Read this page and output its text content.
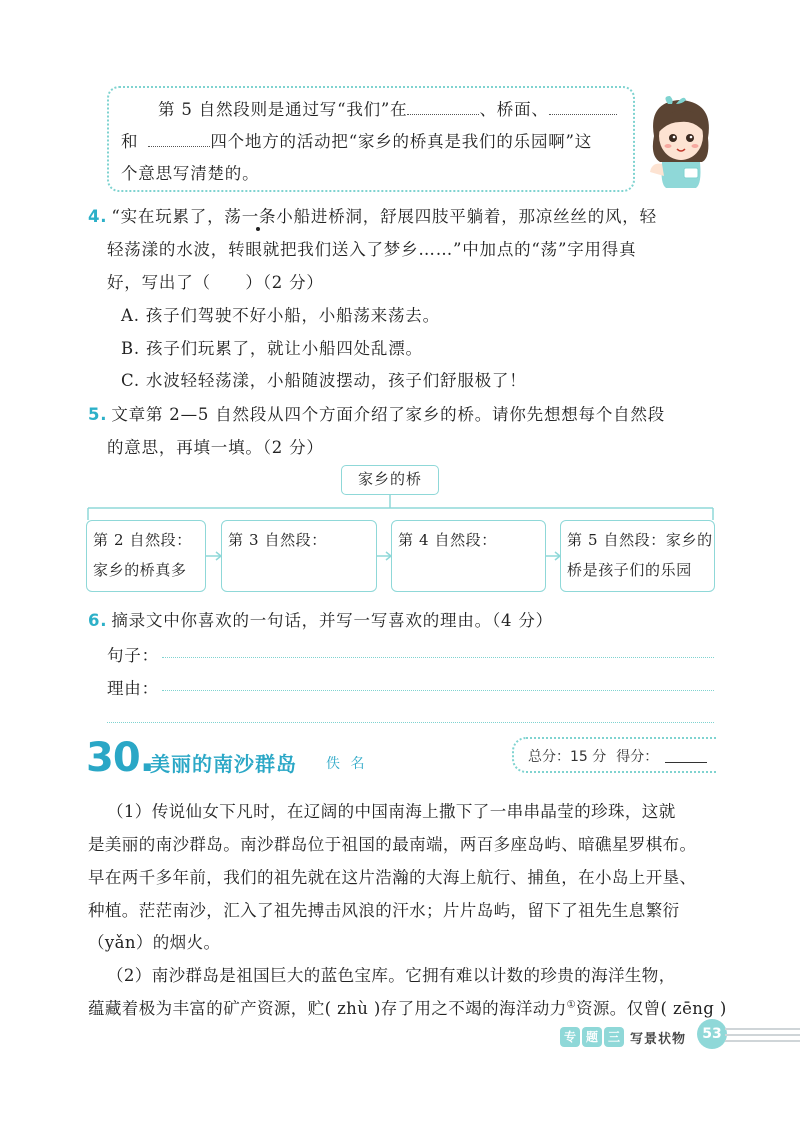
第 5 自然段则是通过写“我们”在	、桥面、
和	四个地方的活动把“家乡的桥真是我们的乐园啊”这
个意思写清楚的。
4. “实在玩累了，荡一条小船进桥洞，舒展四肢平躺着，那凉丝丝的风，轻
轻荡漾的水波，转眼就把我们送入了梦乡……”中加点的“荡”字用得真
好，写出了（　　）（2 分）
A. 孩子们驾驶不好小船，小船荡来荡去。
B. 孩子们玩累了，就让小船四处乱漂。
C. 水波轻轻荡漾，小船随波摆动，孩子们舒服极了！
5. 文章第 2—5 自然段从四个方面介绍了家乡的桥。请你先想想每个自然段
的意思，再填一填。（2 分）
家乡的桥
第 2 自然段：
家乡的桥真多
第 3 自然段：	第 4 自然段：	第 5 自然段：家乡的
桥是孩子们的乐园
6. 摘录文中你喜欢的一句话，并写一写喜欢的理由。（4 分）
句子：
理由：
30.
美丽的南沙群岛 佚 名	总分：15 分 得分：
（1）传说仙女下凡时，在辽阔的中国南海上撒下了一串串晶莹的珍珠，这就
是美丽的南沙群岛。南沙群岛位于祖国的最南端，两百多座岛屿、暗礁星罗棋布。
早在两千多年前，我们的祖先就在这片浩瀚的大海上航行、捕鱼，在小岛上开垦、
种植。茫茫南沙，汇入了祖先搏击风浪的汗水；片片岛屿，留下了祖先生息繁衍
（yǎn）的烟火。
（2）南沙群岛是祖国巨大的蓝色宝库。它拥有难以计数的珍贵的海洋生物，
蕴藏着极为丰富的矿产资源，贮( zhù )存了用之不竭的海洋动力①资源。仅曾( zēng )
专 题 三 写景状物	53
